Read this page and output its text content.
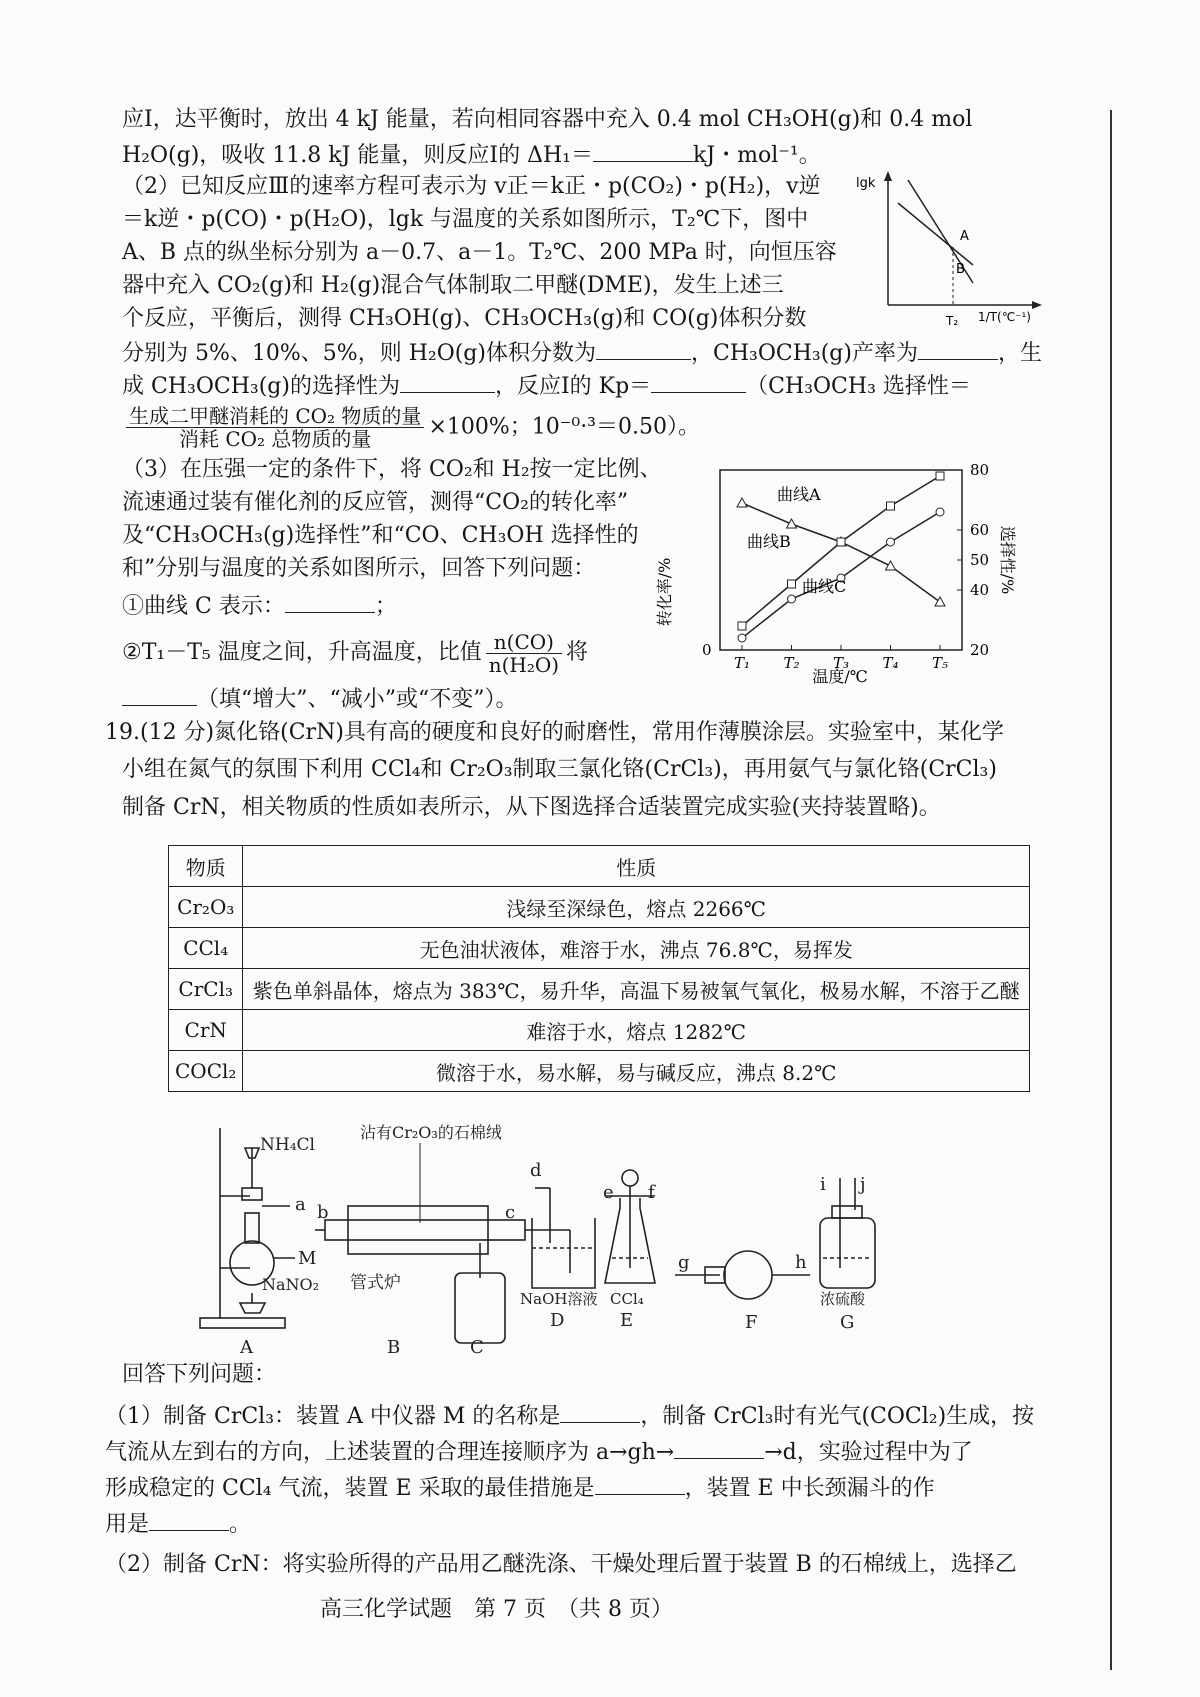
应Ⅰ，达平衡时，放出 4 kJ 能量，若向相同容器中充入 0.4 mol CH₃OH(g)和 0.4 mol
H₂O(g)，吸收 11.8 kJ 能量，则反应Ⅰ的 ΔH₁＝	kJ・mol⁻¹。
（2）已知反应Ⅲ的速率方程可表示为 v正＝k正・p(CO₂)・p(H₂)，v逆
＝k逆・p(CO)・p(H₂O)，lgk 与温度的关系如图所示，T₂℃下，图中
A、B 点的纵坐标分别为 a－0.7、a－1。T₂℃、200 MPa 时，向恒压容
器中充入 CO₂(g)和 H₂(g)混合气体制取二甲醚(DME)，发生上述三
个反应，平衡后，测得 CH₃OH(g)、CH₃OCH₃(g)和 CO(g)体积分数
分别为 5%、10%、5%，则 H₂O(g)体积分数为	，CH₃OCH₃(g)产率为	，生
成 CH₃OCH₃(g)的选择性为	，反应Ⅰ的 Kp＝	（CH₃OCH₃ 选择性＝
$\frac{\text{生成二甲醚消耗的 CO₂ 物质的量}}{\text{消耗 CO₂ 总物质的量}} \times 100\%$；10⁻⁰·³＝0.50）。
lgk
A
B
T₂ 1/T(℃⁻¹)
（3）在压强一定的条件下，将 CO₂和 H₂按一定比例、
流速通过装有催化剂的反应管，测得“CO₂的转化率”
及“CH₃OCH₃(g)选择性”和“CO、CH₃OH 选择性的
和”分别与温度的关系如图所示，回答下列问题：
①曲线 C 表示：	；
②T₁－T₅ 温度之间，升高温度，比值 $\frac{n(CO)}{\text{n(H₂O)}}$ 将
（填“增大”、“减小”或“不变”）。
T₁ T₂ T₃ T₄ T₅
20
40
50
60
80
0
转化率/%	选择性/%
温度/℃
曲线A
曲线B
曲线C
19.(12 分)氮化铬(CrN)具有高的硬度和良好的耐磨性，常用作薄膜涂层。实验室中，某化学
小组在氮气的氛围下利用 CCl₄和 Cr₂O₃制取三氯化铬(CrCl₃)，再用氨气与氯化铬(CrCl₃)
制备 CrN，相关物质的性质如表所示，从下图选择合适装置完成实验(夹持装置略)。
物质	性质
Cr₂O₃	浅绿至深绿色，熔点 2266℃
CCl₄	无色油状液体，难溶于水，沸点 76.8℃，易挥发
CrCl₃	紫色单斜晶体，熔点为 383℃，易升华，高温下易被氧气氧化，极易水解，不溶于乙醚
CrN	难溶于水，熔点 1282℃
COCl₂	微溶于水，易水解，易与碱反应，沸点 8.2℃
NH₄Cl
a
M
NaNO₂
A
b
沾有Cr₂O₃的石棉绒
管式炉
B
c
C
d
NaOH溶液
D
e f
CCl₄
E
g	h
F
i j
浓硫酸
G
回答下列问题：
（1）制备 CrCl₃：装置 A 中仪器 M 的名称是	，制备 CrCl₃时有光气(COCl₂)生成，按
气流从左到右的方向，上述装置的合理连接顺序为 a→gh→	→d，实验过程中为了
形成稳定的 CCl₄ 气流，装置 E 采取的最佳措施是	，装置 E 中长颈漏斗的作
用是	。
（2）制备 CrN：将实验所得的产品用乙醚洗涤、干燥处理后置于装置 B 的石棉绒上，选择乙
高三化学试题　第 7 页　（共 8 页）
